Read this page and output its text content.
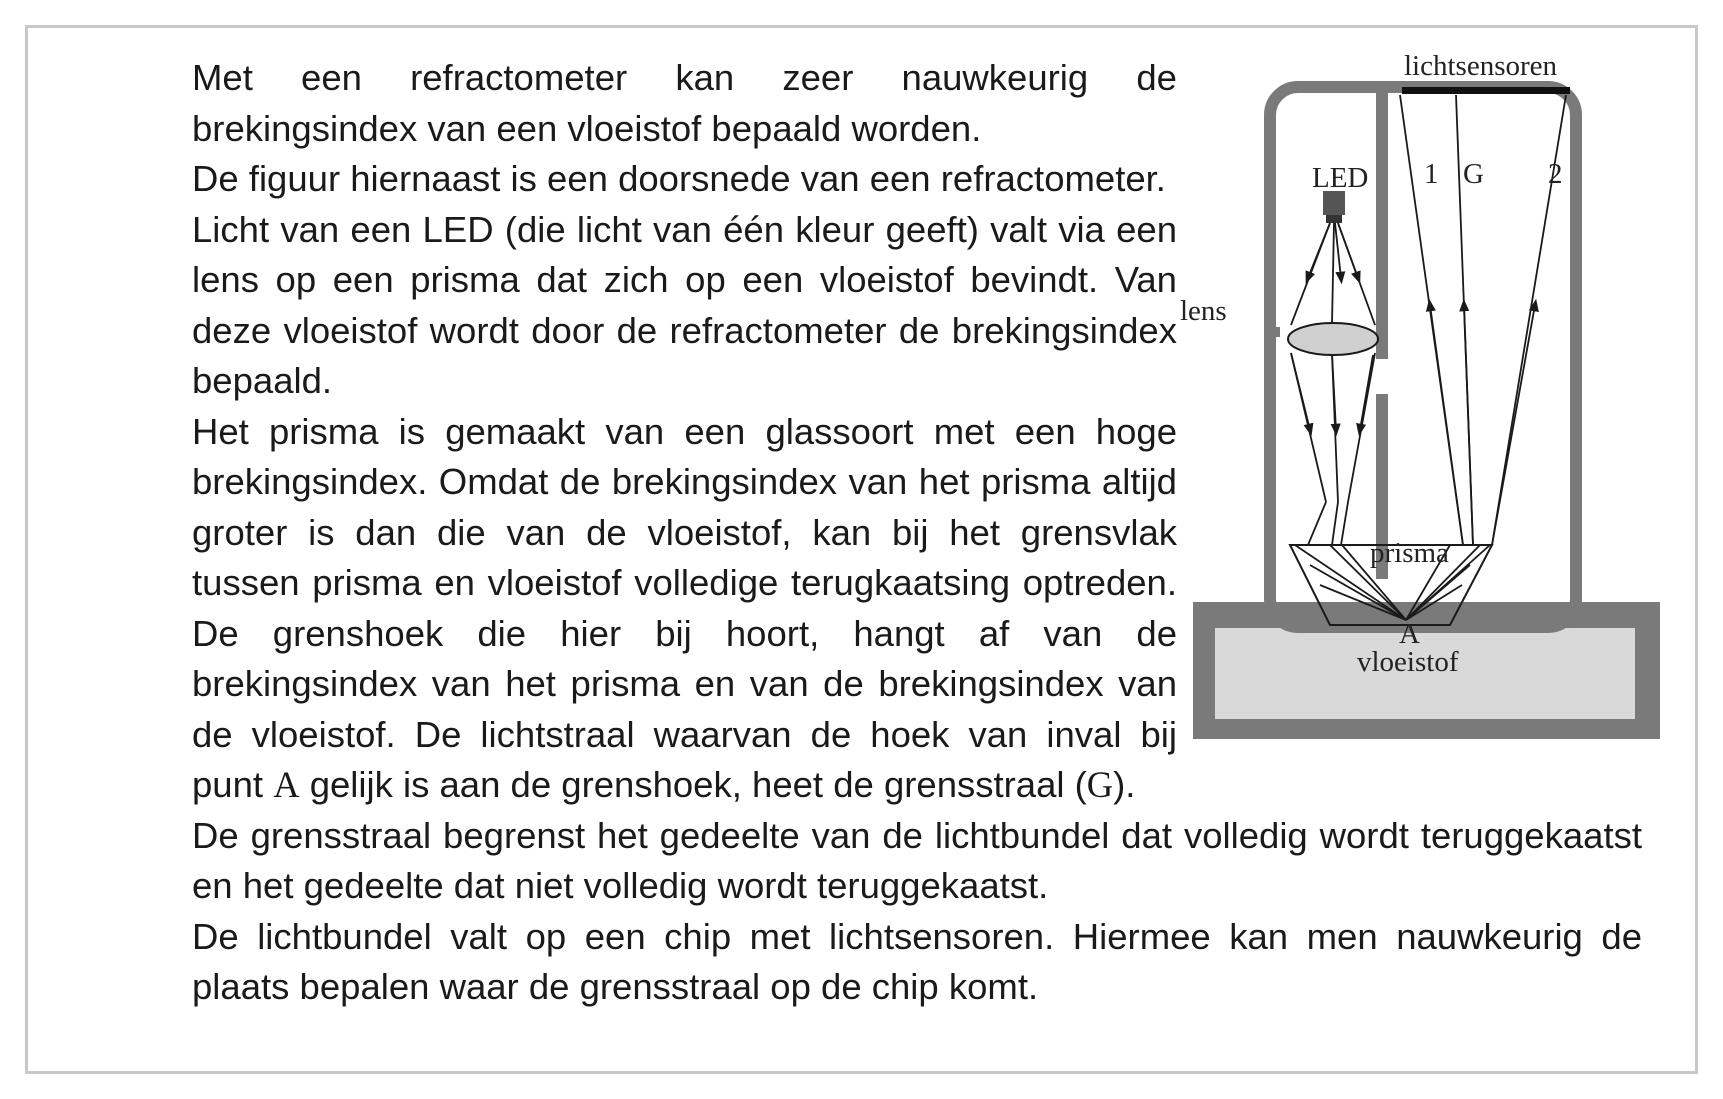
Met een refractometer kan zeer nauwkeurig de brekingsindex van een vloeistof bepaald worden.

De figuur hiernaast is een doorsnede van een refractometer.

Licht van een LED (die licht van één kleur geeft) valt via een lens op een prisma dat zich op een vloeistof bevindt. Van deze vloeistof wordt door de refractometer de brekingsindex bepaald.

Het prisma is gemaakt van een glassoort met een hoge brekingsindex. Omdat de brekingsindex van het prisma altijd groter is dan die van de vloeistof, kan bij het grensvlak tussen prisma en vloeistof volledige terugkaatsing optreden. De grenshoek die hier bij hoort, hangt af van de brekingsindex van het prisma en van de brekingsindex van de vloeistof. De lichtstraal waarvan de hoek van inval bij punt A gelijk is aan de grenshoek, heet de grensstraal (G).

De grensstraal begrenst het gedeelte van de lichtbundel dat volledig wordt teruggekaatst en het gedeelte dat niet volledig wordt teruggekaatst.

De lichtbundel valt op een chip met lichtsensoren. Hiermee kan men nauwkeurig de plaats bepalen waar de grensstraal op de chip komt.

lichtsensoren
LED
lens
1 G 2
prisma
A
vloeistof
